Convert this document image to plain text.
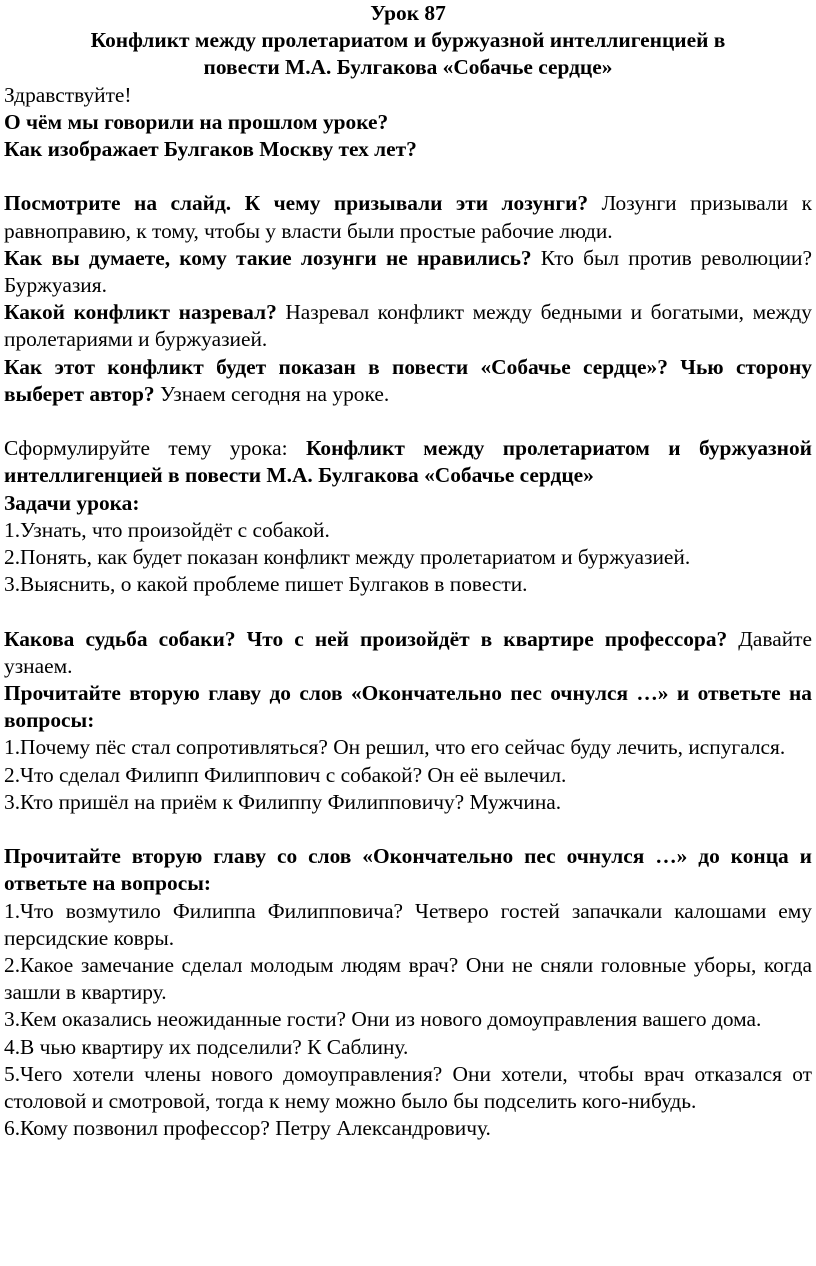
Урок 87

Конфликт между пролетариатом и буржуазной интеллигенцией в

повести М.А. Булгакова «Собачье сердце»

Здравствуйте!

О чём мы говорили на прошлом уроке?

Как изображает Булгаков Москву тех лет?

Посмотрите на слайд. К чему призывали эти лозунги? Лозунги призывали к равноправию, к тому, чтобы у власти были простые рабочие люди.

Как вы думаете, кому такие лозунги не нравились? Кто был против революции? Буржуазия.

Какой конфликт назревал? Назревал конфликт между бедными и богатыми, между пролетариями и буржуазией.

Как этот конфликт будет показан в повести «Собачье сердце»? Чью сторону выберет автор? Узнаем сегодня на уроке.

Сформулируйте тему урока: Конфликт между пролетариатом и буржуазной интеллигенцией в повести М.А. Булгакова «Собачье сердце»

Задачи урока:

1.Узнать, что произойдёт с собакой.

2.Понять, как будет показан конфликт между пролетариатом и буржуазией.

3.Выяснить, о какой проблеме пишет Булгаков в повести.

Какова судьба собаки? Что с ней произойдёт в квартире профессора? Давайте узнаем.

Прочитайте вторую главу до слов «Окончательно пес очнулся …» и ответьте на вопросы:

1.Почему пёс стал сопротивляться? Он решил, что его сейчас буду лечить, испугался.

2.Что сделал Филипп Филиппович с собакой? Он её вылечил.

3.Кто пришёл на приём к Филиппу Филипповичу? Мужчина.

Прочитайте вторую главу со слов «Окончательно пес очнулся …» до конца и ответьте на вопросы:

1.Что возмутило Филиппа Филипповича? Четверо гостей запачкали калошами ему персидские ковры.

2.Какое замечание сделал молодым людям врач? Они не сняли головные уборы, когда зашли в квартиру.

3.Кем оказались неожиданные гости? Они из нового домоуправления вашего дома.

4.В чью квартиру их подселили? К Саблину.

5.Чего хотели члены нового домоуправления? Они хотели, чтобы врач отказался от столовой и смотровой, тогда к нему можно было бы подселить кого-нибудь.

6.Кому позвонил профессор? Петру Александровичу.
